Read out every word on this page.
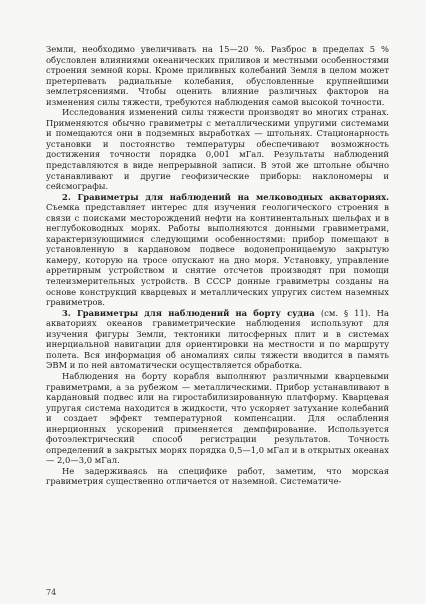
Земли, необходимо увеличивать на 15—20 %. Разброс в пределах 5 % обусловлен влияниями океанических приливов и местными особенностями строения земной коры. Кроме приливных колебаний Земля в целом может претерпевать радиальные колебания, обусловленные крупнейшими землетрясениями. Чтобы оценить влияние различных факторов на изменения силы тяжести, требуются наблюдения самой высокой точности.

Исследования изменений силы тяжести производят во многих странах. Применяются обычно гравиметры с металлическими упругими системами и помещаются они в подземных выработках — штольнях. Стационарность установки и постоянство температуры обеспечивают возможность достижения точности порядка 0,001 мГал. Результаты наблюдений представляются в виде непрерывной записи. В этой же штольне обычно устанавливают и другие геофизические приборы: наклономеры и сейсмографы.

2. Гравиметры для наблюдений на мелководных акваториях. Съемка представляет интерес для изучения геологического строения в связи с поисками месторождений нефти на континентальных шельфах и в неглубоководных морях. Работы выполняются донными гравиметрами, характеризующимися следующими особенностями: прибор помещают в установленную в кардановом подвесе водонепроницаемую закрытую камеру, которую на тросе опускают на дно моря. Установку, управление арретирным устройством и снятие отсчетов производят при помощи телеизмерительных устройств. В СССР донные гравиметры созданы на основе конструкций кварцевых и металлических упругих систем наземных гравиметров.

3. Гравиметры для наблюдений на борту судна (см. § 11). На акваториях океанов гравиметрические наблюдения используют для изучения фигуры Земли, тектоники литосферных плит и в системах инерциальной навигации для ориентировки на местности и по маршруту полета. Вся информация об аномалиях силы тяжести вводится в память ЭВМ и по ней автоматически осуществляется обработка.

Наблюдения на борту корабля выполняют различными кварцевыми гравиметрами, а за рубежом — металлическими. Прибор устанавливают в кардановый подвес или на гиростабилизированную платформу. Кварцевая упругая система находится в жидкости, что ускоряет затухание колебаний и создает эффект температурной компенсации. Для ослабления инерционных ускорений применяется демпфирование. Используется фотоэлектрический способ регистрации результатов. Точность определений в закрытых морях порядка 0,5—1,0 мГал и в открытых океанах — 2,0—3,0 мГал.

Не задерживаясь на специфике работ, заметим, что морская гравиметрия существенно отличается от наземной. Систематиче-

74
